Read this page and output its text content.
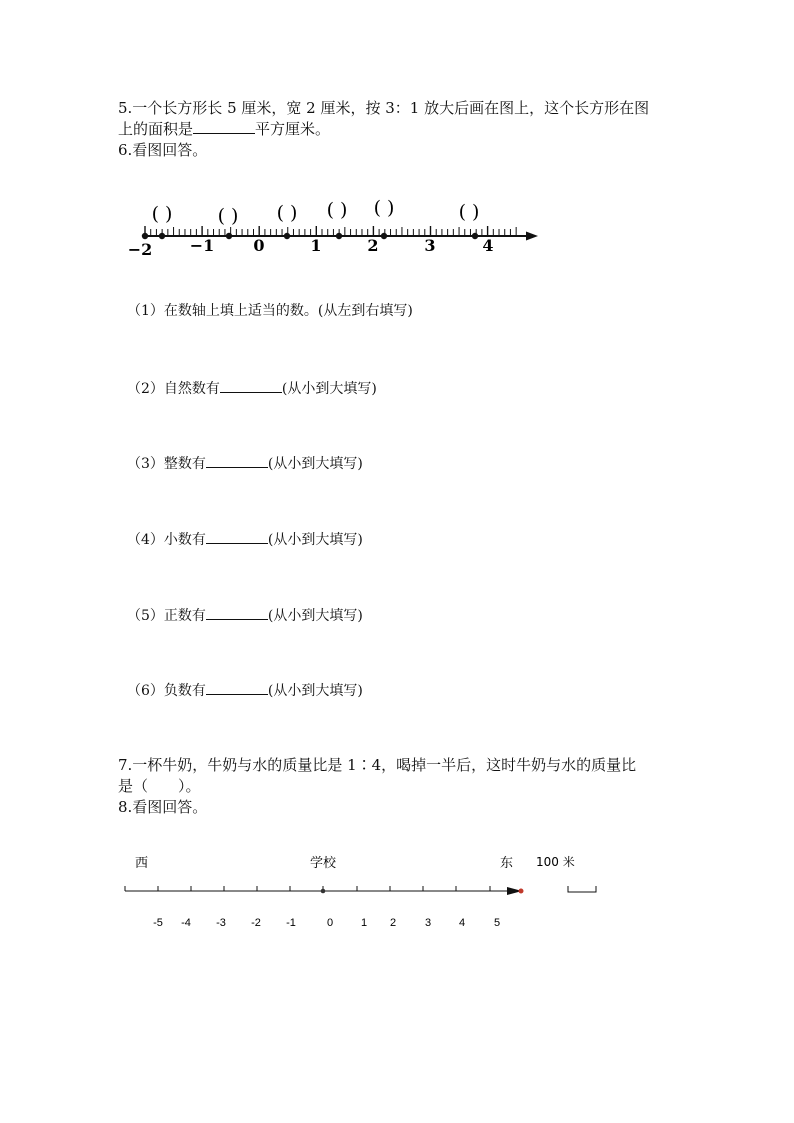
5.一个长方形长 5 厘米，宽 2 厘米，按 3：1 放大后画在图上，这个长方形在图
上的面积是	平方厘米。
6.看图回答。
−2 −1 0	1	2	3	4
( ) ( ) ( ) ( ) ( )	( )
（1）在数轴上填上适当的数。(从左到右填写)
（2）自然数有	(从小到大填写)
（3）整数有	(从小到大填写)
（4）小数有	(从小到大填写)
（5）正数有	(从小到大填写)
（6）负数有	(从小到大填写)
7.一杯牛奶，牛奶与水的质量比是 1∶4，喝掉一半后，这时牛奶与水的质量比
是（ ）。
8.看图回答。
西	学校	东 100 米
-5 -4 -3 -2 -1	0	1 2	3	4	5
